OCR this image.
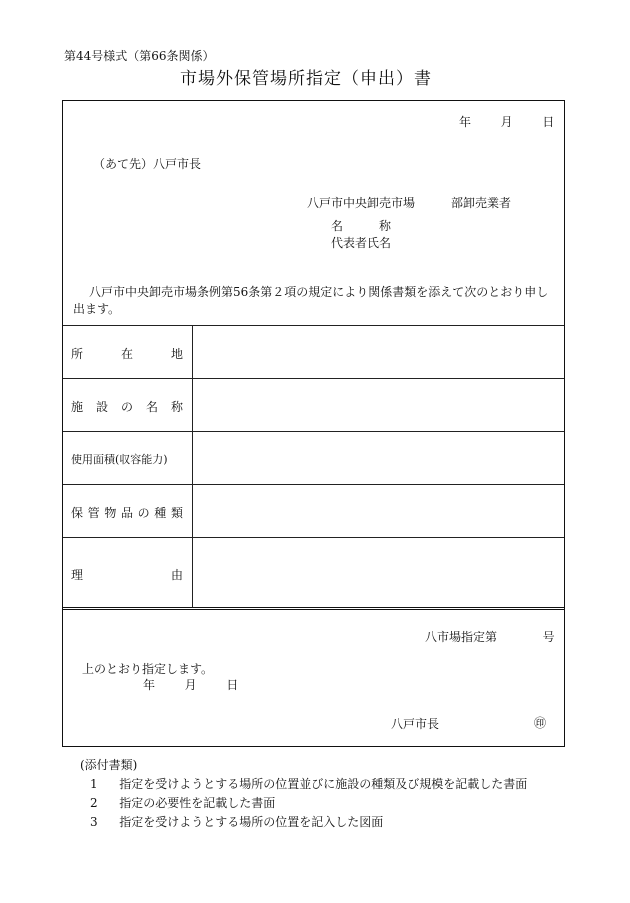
第44号様式（第66条関係）
市場外保管場所指定（申出）書
年 月 日
（あて先）八戸市長
八戸市中央卸売市場	部卸売業者
名	称
代表者氏名
八戸市中央卸売市場条例第56条第２項の規定により関係書類を添えて次のとおり申し
出ます。
所	在	地
施 設 の 名 称
使用面積(収容能力)
保 管 物 品 の 種 類
理	由
八市場指定第	号
上のとおり指定します。
年 月 日
八戸市長	㊞
(添付書類)
1 指定を受けようとする場所の位置並びに施設の種類及び規模を記載した書面
2 指定の必要性を記載した書面
3 指定を受けようとする場所の位置を記入した図面
